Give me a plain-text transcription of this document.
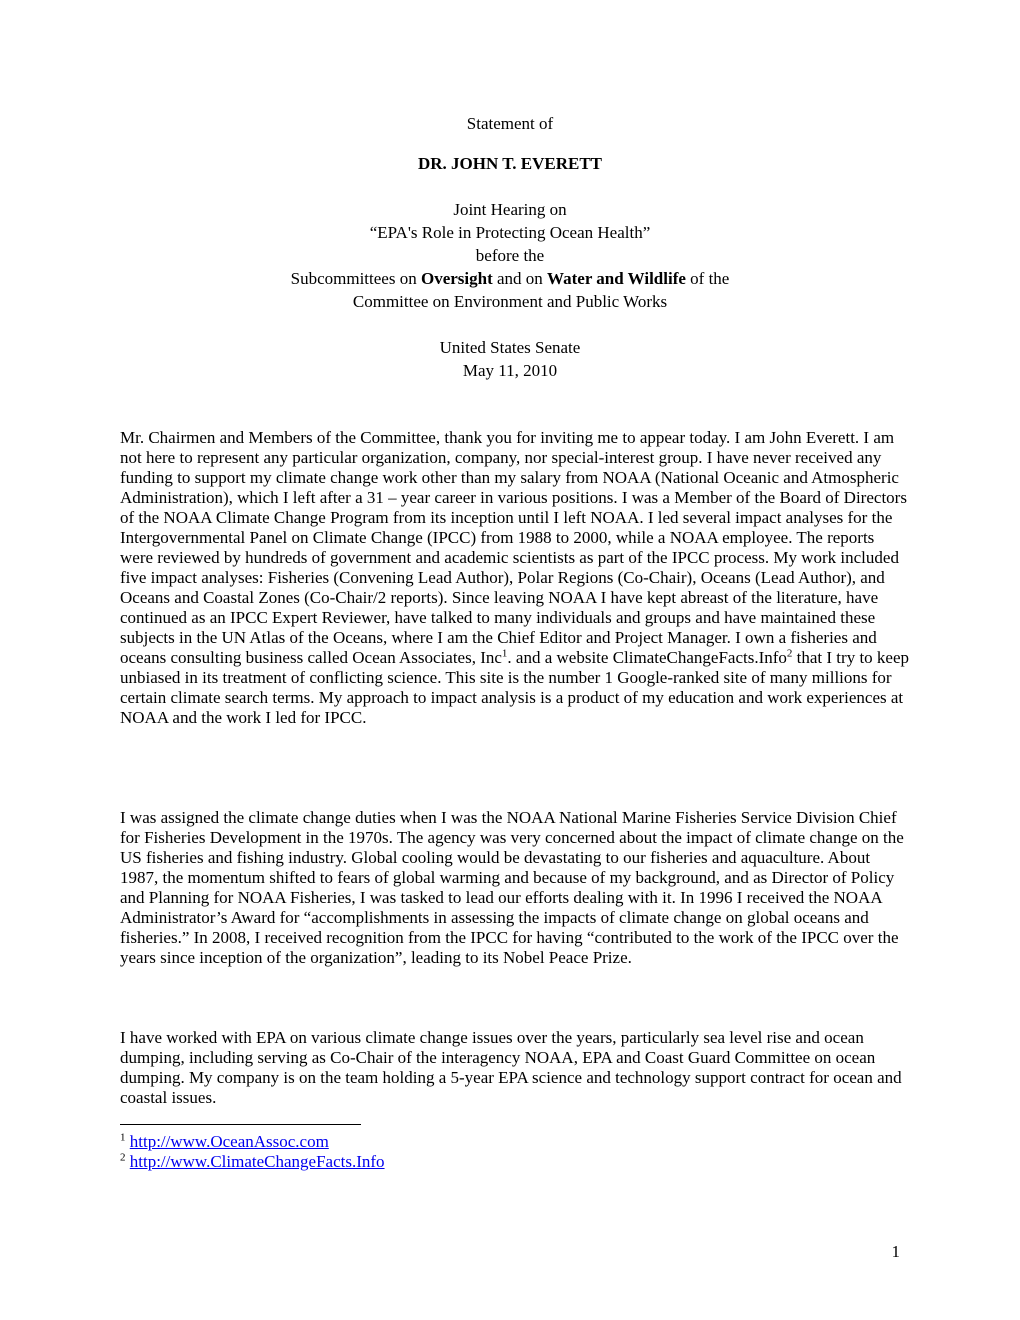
Statement of
DR. JOHN T. EVERETT
Joint Hearing on
“EPA's Role in Protecting Ocean Health”
before the
Subcommittees on Oversight and on Water and Wildlife of the
Committee on Environment and Public Works
United States Senate
May 11, 2010

Mr. Chairmen and Members of the Committee, thank you for inviting me to appear today. I am John Everett. I am not here to represent any particular organization, company, nor special-interest group. I have never received any funding to support my climate change work other than my salary from NOAA (National Oceanic and Atmospheric Administration), which I left after a 31 – year career in various positions. I was a Member of the Board of Directors of the NOAA Climate Change Program from its inception until I left NOAA. I led several impact analyses for the Intergovernmental Panel on Climate Change (IPCC) from 1988 to 2000, while a NOAA employee. The reports were reviewed by hundreds of government and academic scientists as part of the IPCC process. My work included five impact analyses: Fisheries (Convening Lead Author), Polar Regions (Co-Chair), Oceans (Lead Author), and Oceans and Coastal Zones (Co-Chair/2 reports). Since leaving NOAA I have kept abreast of the literature, have continued as an IPCC Expert Reviewer, have talked to many individuals and groups and have maintained these subjects in the UN Atlas of the Oceans, where I am the Chief Editor and Project Manager. I own a fisheries and oceans consulting business called Ocean Associates, Inc$^1$. and a website ClimateChangeFacts.Info$^2$ that I try to keep unbiased in its treatment of conflicting science. This site is the number 1 Google-ranked site of many millions for certain climate search terms. My approach to impact analysis is a product of my education and work experiences at NOAA and the work I led for IPCC.

I was assigned the climate change duties when I was the NOAA National Marine Fisheries Service Division Chief for Fisheries Development in the 1970s. The agency was very concerned about the impact of climate change on the US fisheries and fishing industry. Global cooling would be devastating to our fisheries and aquaculture. About 1987, the momentum shifted to fears of global warming and because of my background, and as Director of Policy and Planning for NOAA Fisheries, I was tasked to lead our efforts dealing with it. In 1996 I received the NOAA Administrator’s Award for “accomplishments in assessing the impacts of climate change on global oceans and fisheries.” In 2008, I received recognition from the IPCC for having “contributed to the work of the IPCC over the years since inception of the organization”, leading to its Nobel Peace Prize.

I have worked with EPA on various climate change issues over the years, particularly sea level rise and ocean dumping, including serving as Co-Chair of the interagency NOAA, EPA and Coast Guard Committee on ocean dumping. My company is on the team holding a 5-year EPA science and technology support contract for ocean and coastal issues.

$^1$ http://www.OceanAssoc.com
$^2$ http://www.ClimateChangeFacts.Info
1
